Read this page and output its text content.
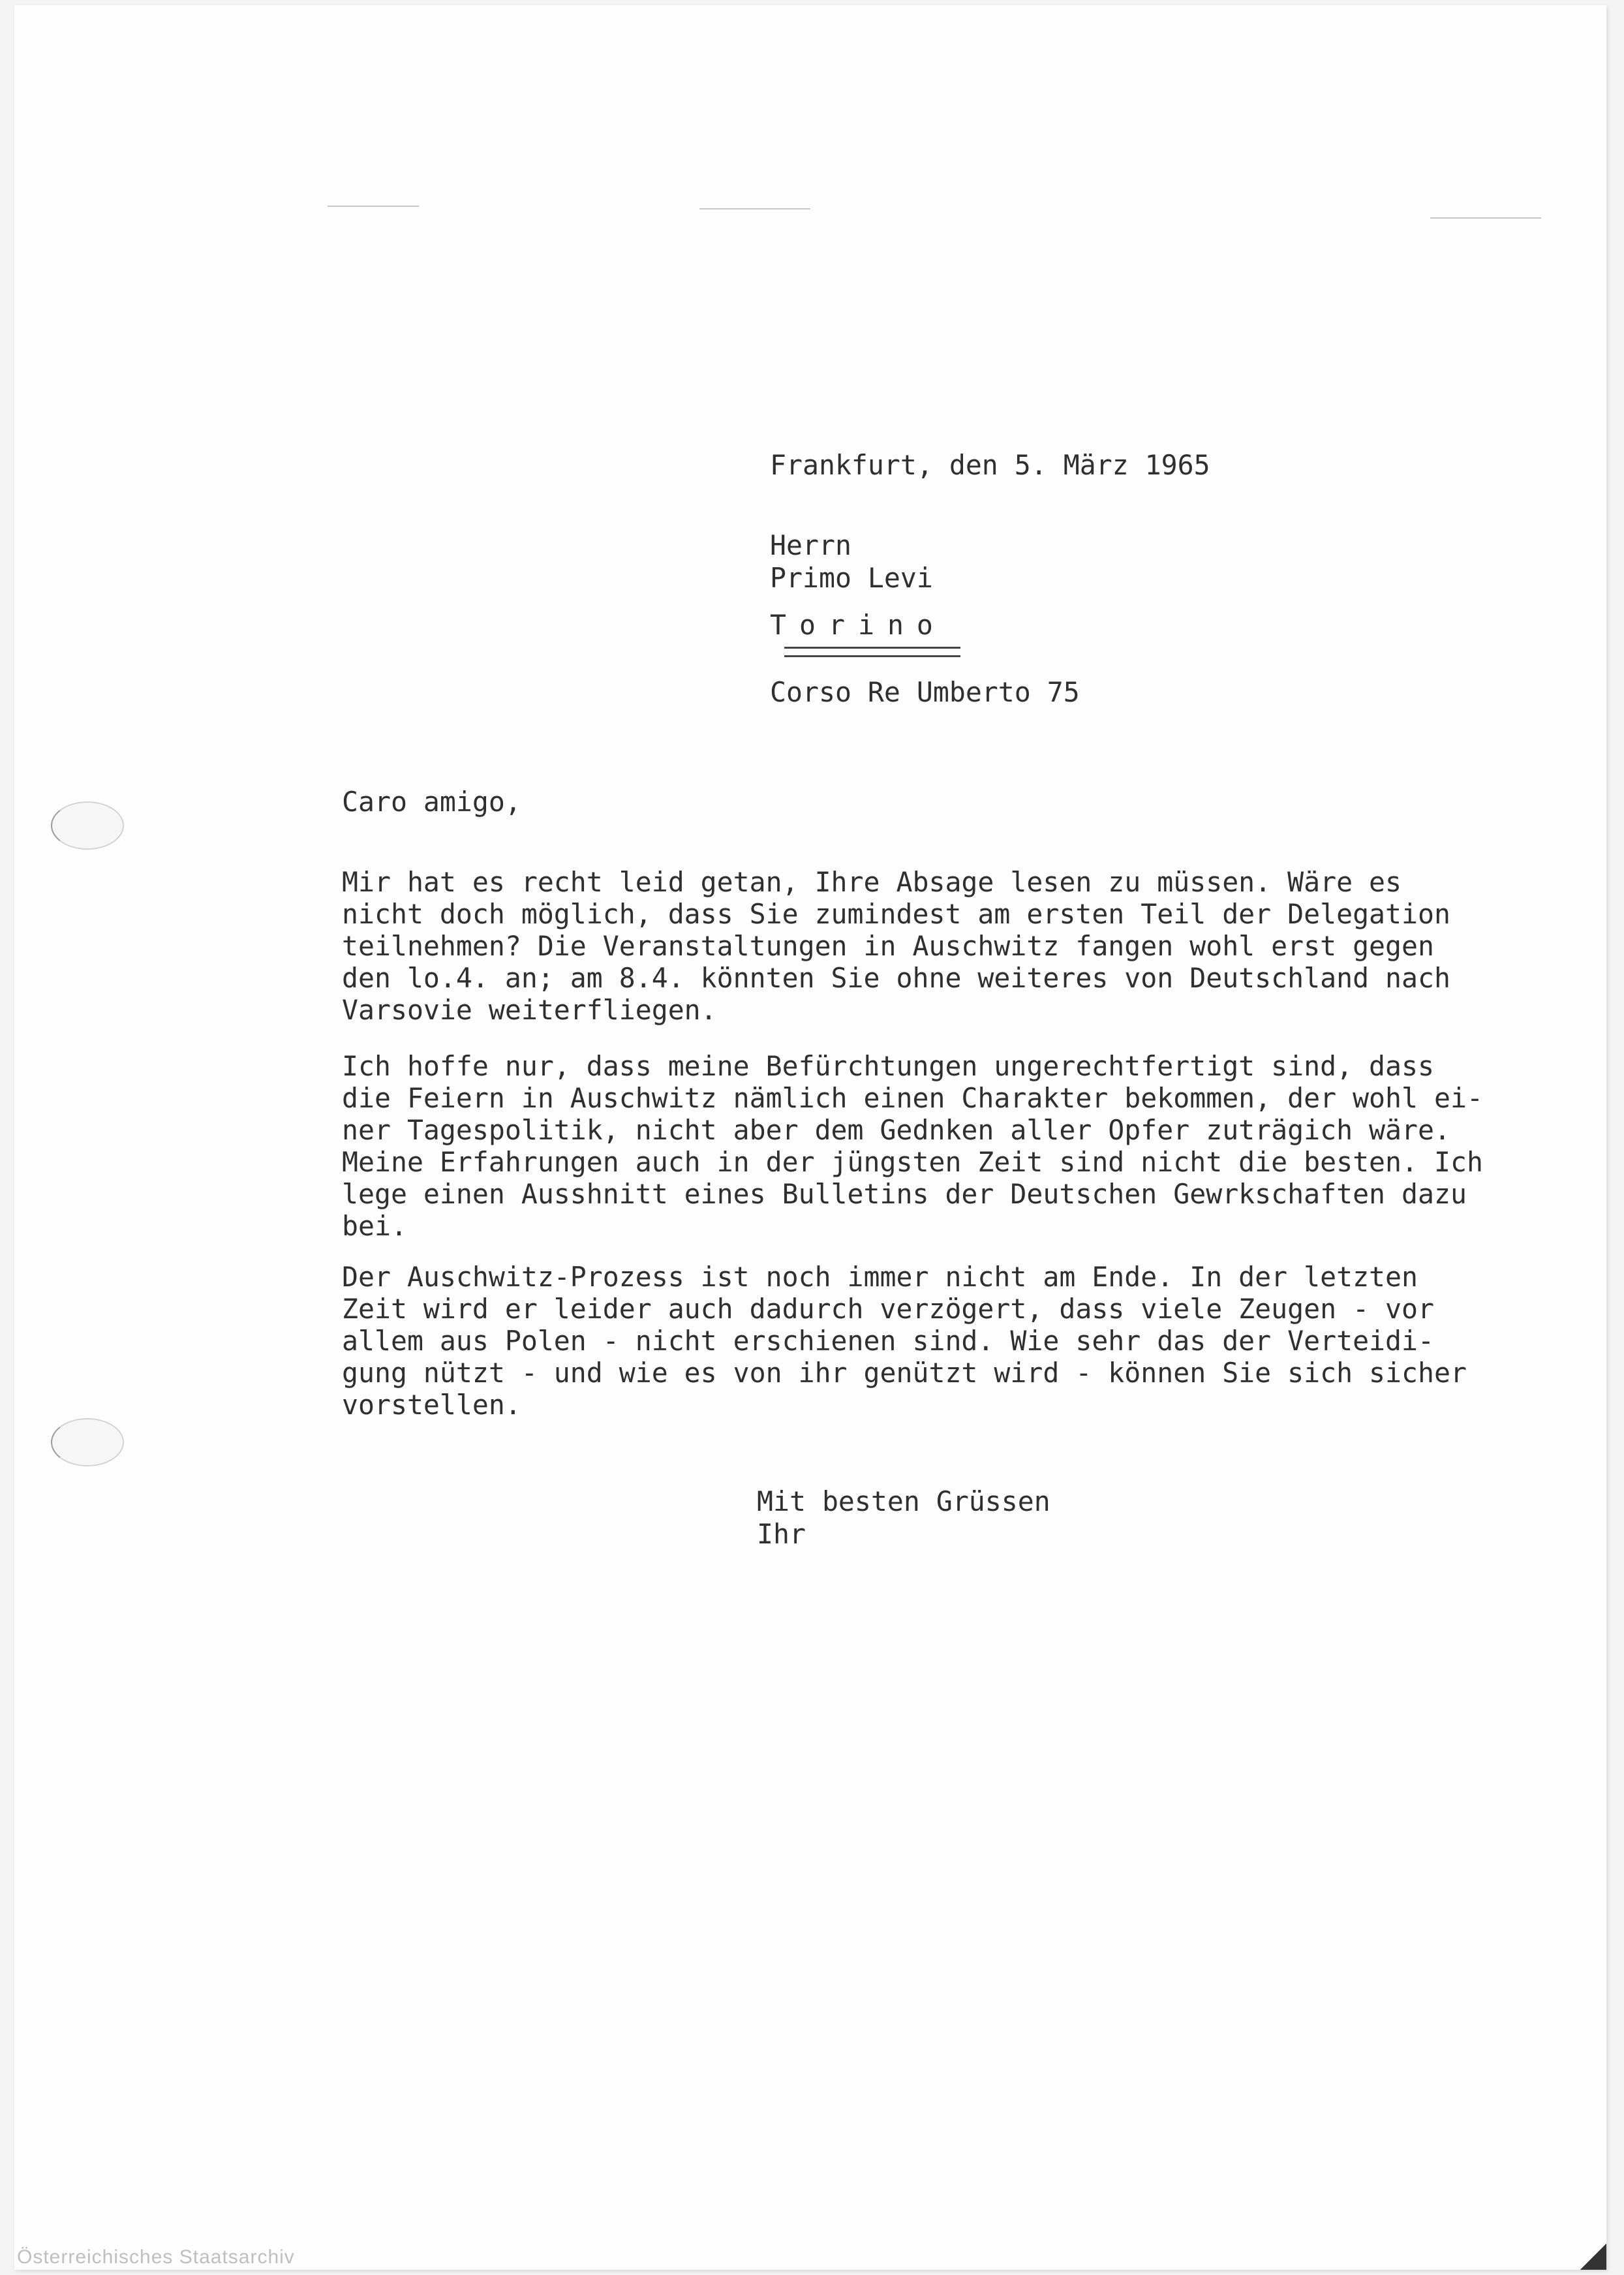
Frankfurt, den 5. März 1965
Herrn
Primo Levi
Torino
Corso Re Umberto 75
Caro amigo,

Mir hat es recht leid getan, Ihre Absage lesen zu müssen. Wäre es

nicht doch möglich, dass Sie zumindest am ersten Teil der Delegation

teilnehmen? Die Veranstaltungen in Auschwitz fangen wohl erst gegen

den lo.4. an; am 8.4. könnten Sie ohne weiteres von Deutschland nach

Varsovie weiterfliegen.

Ich hoffe nur, dass meine Befürchtungen ungerechtfertigt sind, dass

die Feiern in Auschwitz nämlich einen Charakter bekommen, der wohl ei-

ner Tagespolitik, nicht aber dem Gednken aller Opfer zuträgich wäre.

Meine Erfahrungen auch in der jüngsten Zeit sind nicht die besten. Ich

lege einen Ausshnitt eines Bulletins der Deutschen Gewrkschaften dazu

bei.

Der Auschwitz-Prozess ist noch immer nicht am Ende. In der letzten

Zeit wird er leider auch dadurch verzögert, dass viele Zeugen - vor

allem aus Polen - nicht erschienen sind. Wie sehr das der Verteidi-

gung nützt - und wie es von ihr genützt wird - können Sie sich sicher

vorstellen.

Mit besten Grüssen
Ihr
Österreichisches Staatsarchiv
